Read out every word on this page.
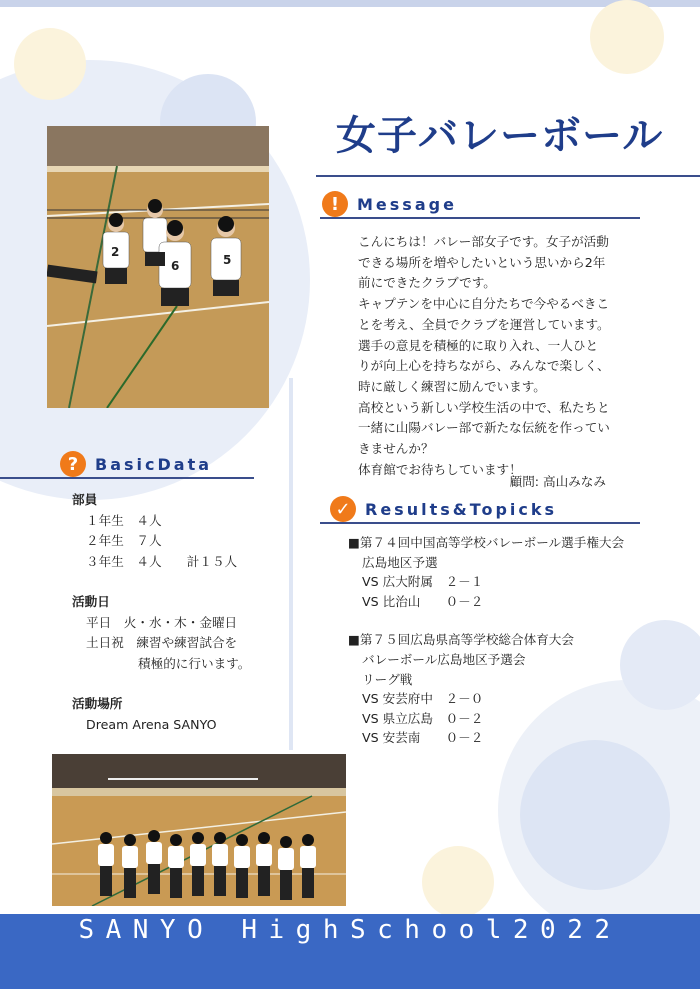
女子バレーボール
2
6	5
!	Message

こんにちは！バレー部女子です。女子が活動できる場所を増やしたいという思いから2年前にできたクラブです。

キャプテンを中心に自分たちで今やるべきことを考え、全員でクラブを運営しています。選手の意見を積極的に取り入れ、一人ひとりが向上心を持ちながら、みんなで楽しく、時に厳しく練習に励んでいます。

高校という新しい学校生活の中で、私たちと一緒に山陽バレー部で新たな伝統を作っていきませんか？

体育館でお待ちしています！

顧問: 高山みなみ
?	BasicData
部員
１年生　４人
２年生　７人
３年生　４人　　計１５人
活動日
平日　火・水・木・金曜日
土日祝　練習や練習試合を
積極的に行います。
活動場所
Dream Arena SANYO
✓ Results&Topicks
■第７４回中国高等学校バレーボール選手権大会
広島地区予選
VS 広大附属　２－１
VS 比治山　　０－２
■第７５回広島県高等学校総合体育大会
バレーボール広島地区予選会
リーグ戦
VS 安芸府中　２－０
VS 県立広島　０－２
VS 安芸南　　０－２
SANYO HighSchool2022
